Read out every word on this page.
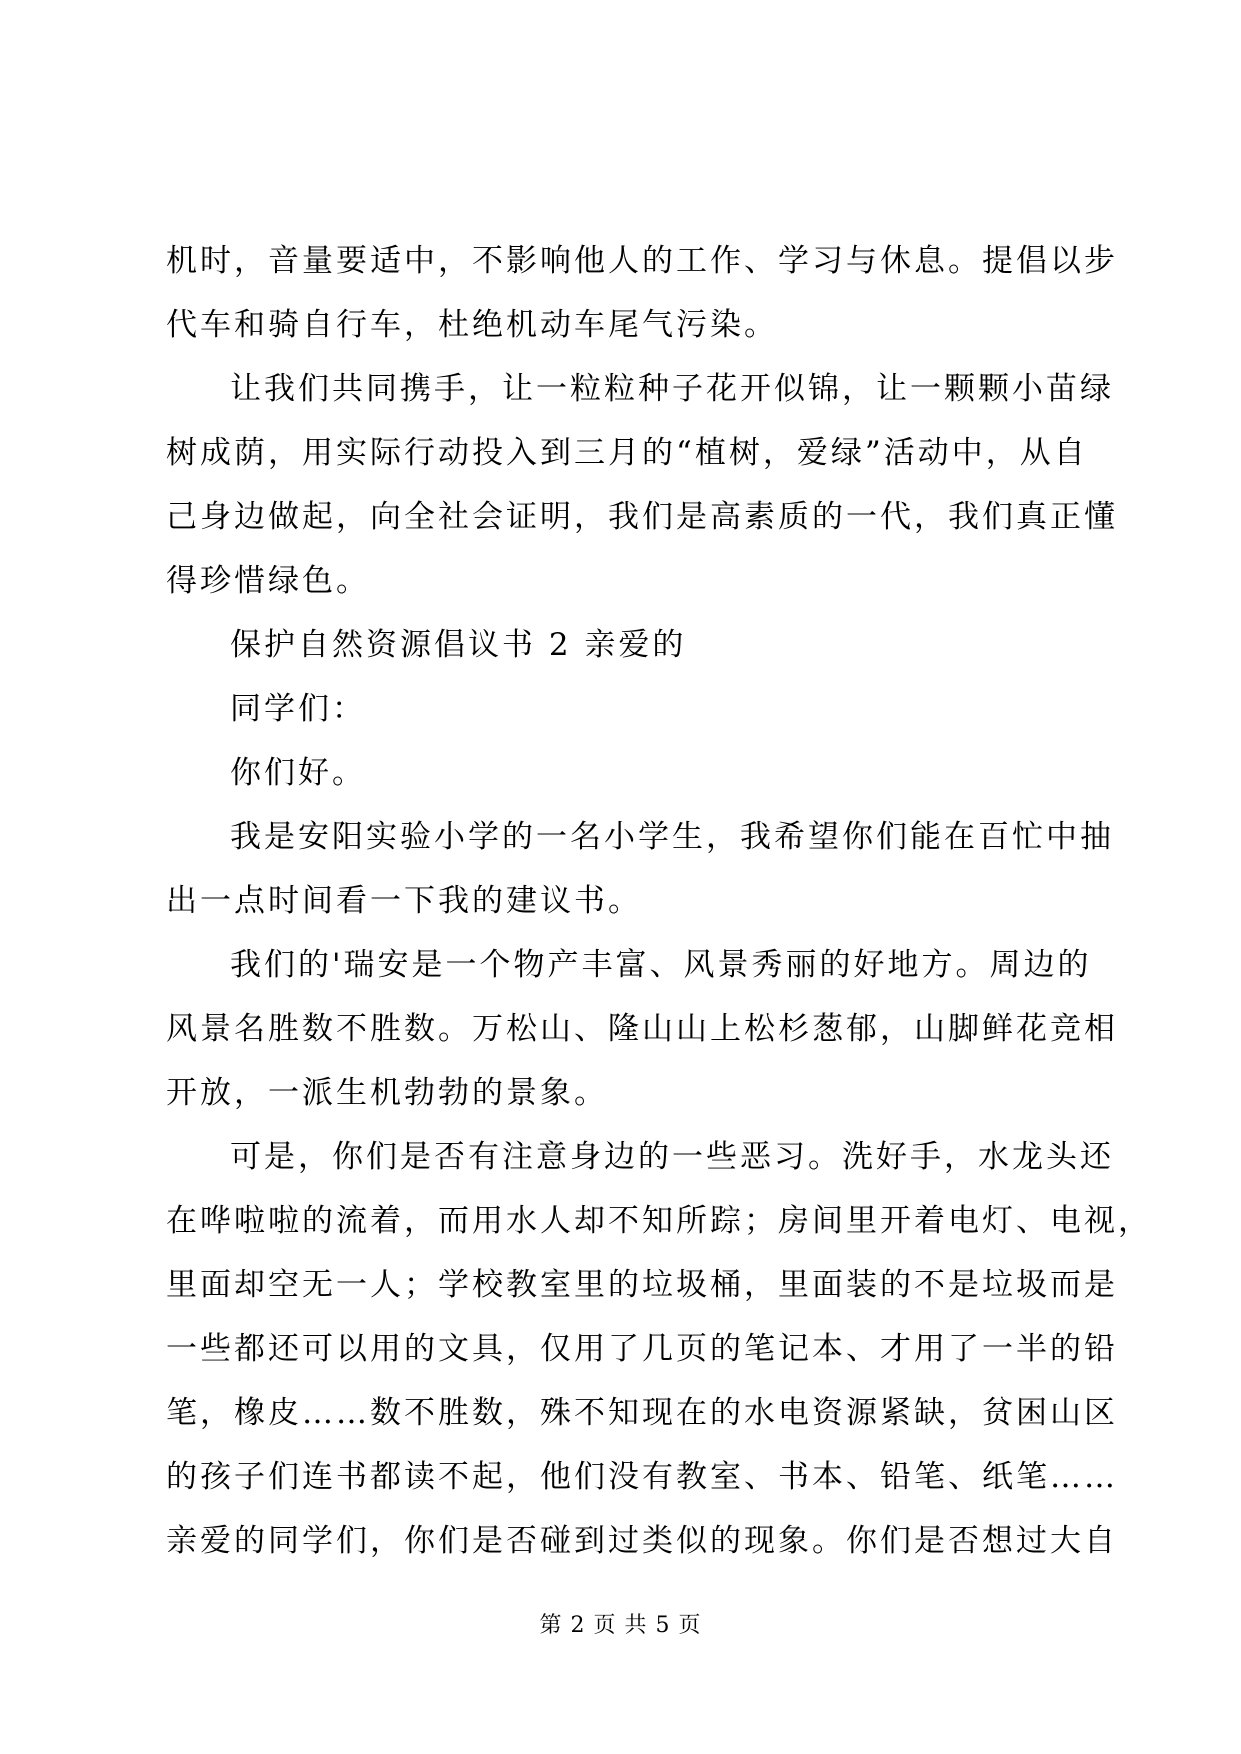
机时，音量要适中，不影响他人的工作、学习与休息。提倡以步
代车和骑自行车，杜绝机动车尾气污染。
让我们共同携手，让一粒粒种子花开似锦，让一颗颗小苗绿
树成荫，用实际行动投入到三月的“植树，爱绿”活动中，从自
己身边做起，向全社会证明，我们是高素质的一代，我们真正懂
得珍惜绿色。
保护自然资源倡议书 2 亲爱的
同学们：
你们好。
我是安阳实验小学的一名小学生，我希望你们能在百忙中抽
出一点时间看一下我的建议书。
我们的'瑞安是一个物产丰富、风景秀丽的好地方。周边的
风景名胜数不胜数。万松山、隆山山上松杉葱郁，山脚鲜花竞相
开放，一派生机勃勃的景象。
可是，你们是否有注意身边的一些恶习。洗好手，水龙头还
在哗啦啦的流着，而用水人却不知所踪；房间里开着电灯、电视，
里面却空无一人；学校教室里的垃圾桶，里面装的不是垃圾而是
一些都还可以用的文具，仅用了几页的笔记本、才用了一半的铅
笔，橡皮……数不胜数，殊不知现在的水电资源紧缺，贫困山区
的孩子们连书都读不起，他们没有教室、书本、铅笔、纸笔……
亲爱的同学们，你们是否碰到过类似的现象。你们是否想过大自
第 2 页 共 5 页
